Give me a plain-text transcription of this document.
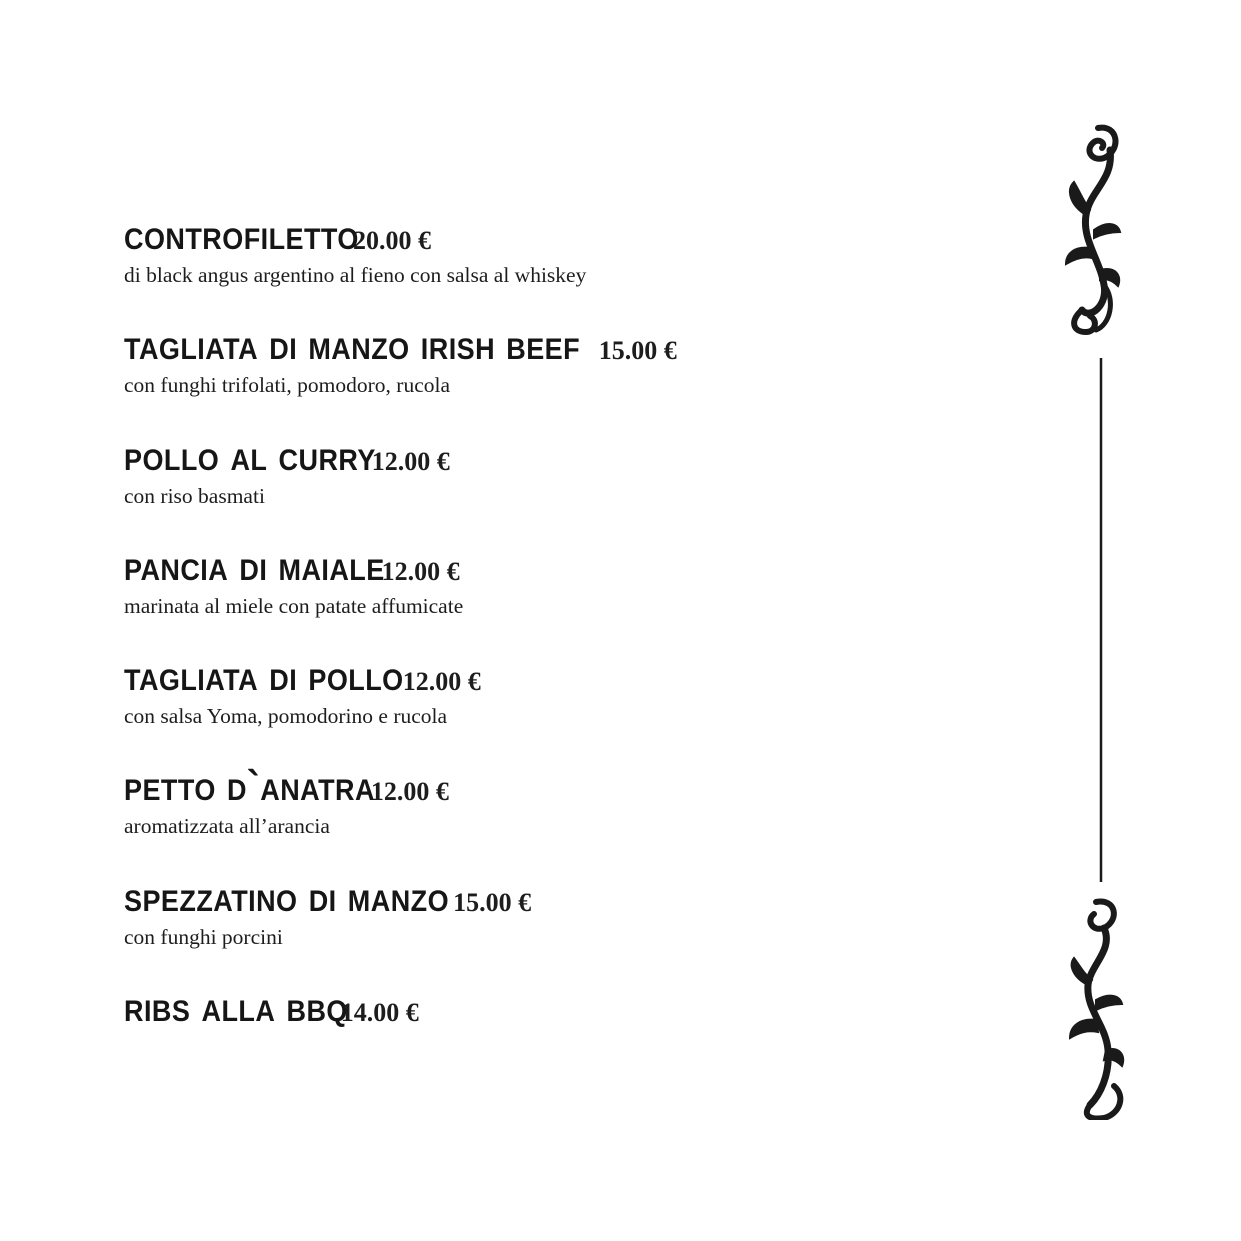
controfiletto 20.00 €
di black angus argentino al fieno con salsa al whiskey
tagliata di manzo irish beef 15.00 €
con funghi trifolati, pomodoro, rucola
pollo al curry 12.00 €
con riso basmati
pancia di maiale 12.00 €
marinata al miele con patate affumicate
tagliata di pollo 12.00 €
con salsa Yoma, pomodorino e rucola
petto d`anatra 12.00 €
aromatizzata all’arancia
spezzatino di manzo 15.00 €
con funghi porcini
ribs alla bbq 14.00 €
